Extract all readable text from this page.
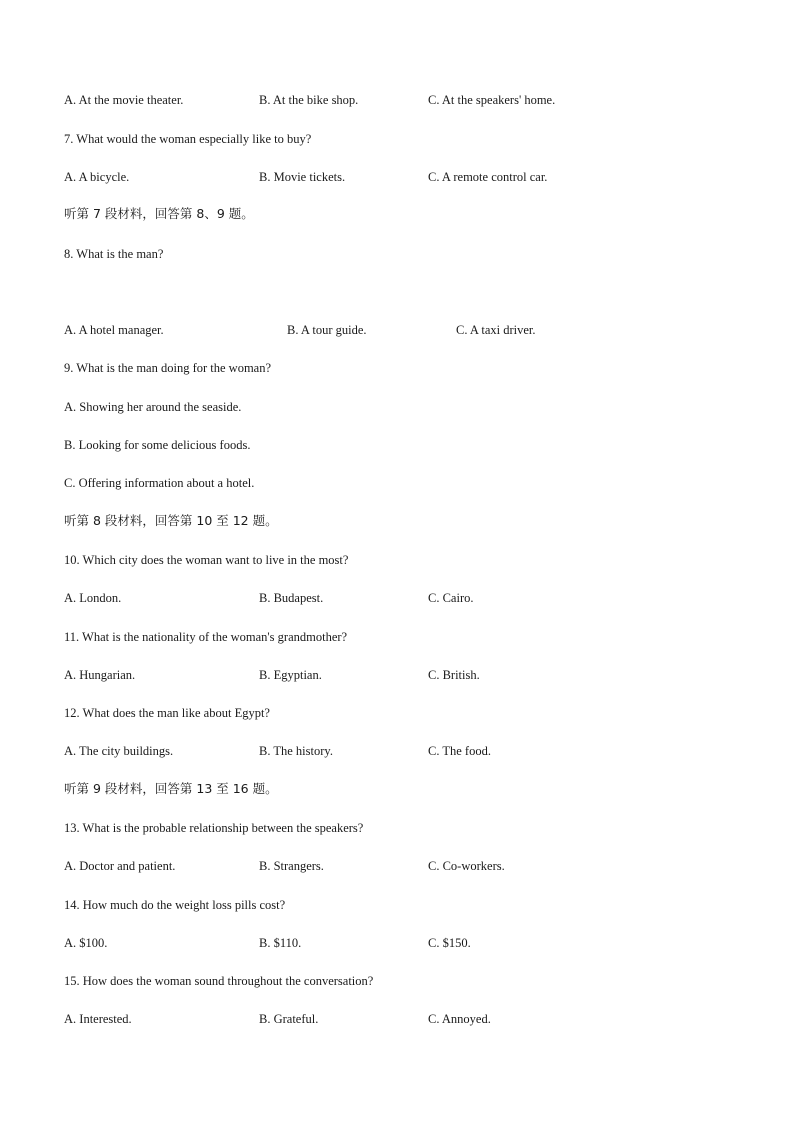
A. At the movie theater.	B. At the bike shop.	C. At the speakers' home.
7. What would the woman especially like to buy?
A. A bicycle.	B. Movie tickets.	C. A remote control car.
听第 7 段材料，回答第 8、9 题。
8. What is the man?
A. A hotel manager.	B. A tour guide.	C. A taxi driver.
9. What is the man doing for the woman?
A. Showing her around the seaside.
B. Looking for some delicious foods.
C. Offering information about a hotel.
听第 8 段材料，回答第 10 至 12 题。
10. Which city does the woman want to live in the most?
A. London.	B. Budapest.	C. Cairo.
11. What is the nationality of the woman's grandmother?
A. Hungarian.	B. Egyptian.	C. British.
12. What does the man like about Egypt?
A. The city buildings.	B. The history.	C. The food.
听第 9 段材料，回答第 13 至 16 题。
13. What is the probable relationship between the speakers?
A. Doctor and patient.	B. Strangers.	C. Co-workers.
14. How much do the weight loss pills cost?
A. $100.	B. $110.	C. $150.
15. How does the woman sound throughout the conversation?
A. Interested.	B. Grateful.	C. Annoyed.
